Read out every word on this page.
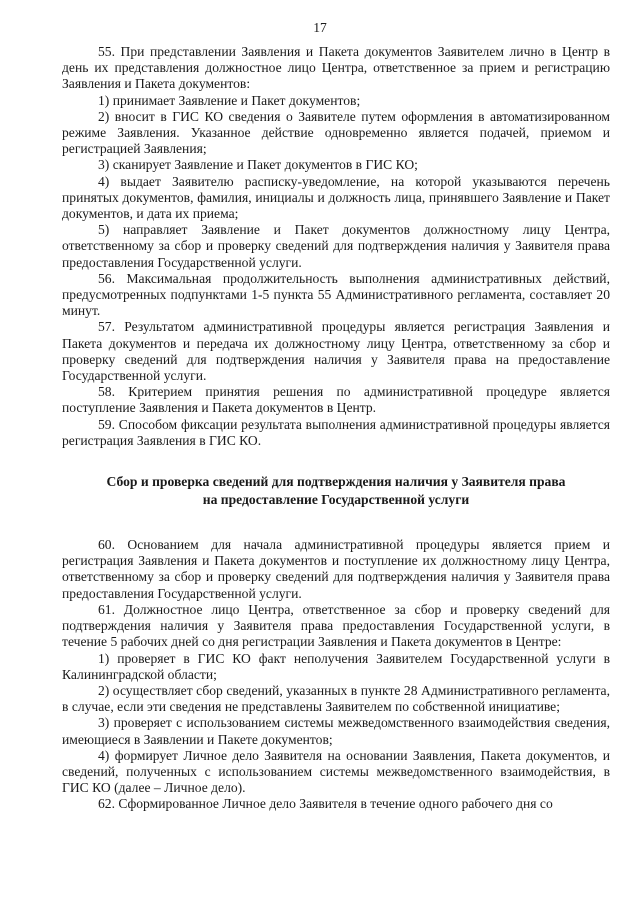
17

55. При представлении Заявления и Пакета документов Заявителем лично в Центр в день их представления должностное лицо Центра, ответственное за прием и регистрацию Заявления и Пакета документов:

1) принимает Заявление и Пакет документов;

2) вносит в ГИС КО сведения о Заявителе путем оформления в автоматизированном режиме Заявления. Указанное действие одновременно является подачей, приемом и регистрацией Заявления;

3) сканирует Заявление и Пакет документов в ГИС КО;

4) выдает Заявителю расписку-уведомление, на которой указываются перечень принятых документов, фамилия, инициалы и должность лица, принявшего Заявление и Пакет документов, и дата их приема;

5) направляет Заявление и Пакет документов должностному лицу Центра, ответственному за сбор и проверку сведений для подтверждения наличия у Заявителя права предоставления Государственной услуги.

56. Максимальная продолжительность выполнения административных действий, предусмотренных подпунктами 1-5 пункта 55 Административного регламента, составляет 20 минут.

57. Результатом административной процедуры является регистрация Заявления и Пакета документов и передача их должностному лицу Центра, ответственному за сбор и проверку сведений для подтверждения наличия у Заявителя права на предоставление Государственной услуги.

58. Критерием принятия решения по административной процедуре является поступление Заявления и Пакета документов в Центр.

59. Способом фиксации результата выполнения административной процедуры является регистрация Заявления в ГИС КО.

Сбор и проверка сведений для подтверждения наличия у Заявителя права
на предоставление Государственной услуги

60. Основанием для начала административной процедуры является прием и регистрация Заявления и Пакета документов и поступление их должностному лицу Центра, ответственному за сбор и проверку сведений для подтверждения наличия у Заявителя права предоставления Государственной услуги.

61. Должностное лицо Центра, ответственное за сбор и проверку сведений для подтверждения наличия у Заявителя права предоставления Государственной услуги, в течение 5 рабочих дней со дня регистрации Заявления и Пакета документов в Центре:

1) проверяет в ГИС КО факт неполучения Заявителем Государственной услуги в Калининградской области;

2) осуществляет сбор сведений, указанных в пункте 28 Административного регламента, в случае, если эти сведения не представлены Заявителем по собственной инициативе;

3) проверяет с использованием системы межведомственного взаимодействия сведения, имеющиеся в Заявлении и Пакете документов;

4) формирует Личное дело Заявителя на основании Заявления, Пакета документов, и сведений, полученных с использованием системы межведомственного взаимодействия, в ГИС КО (далее – Личное дело).

62. Сформированное Личное дело Заявителя в течение одного рабочего дня со
